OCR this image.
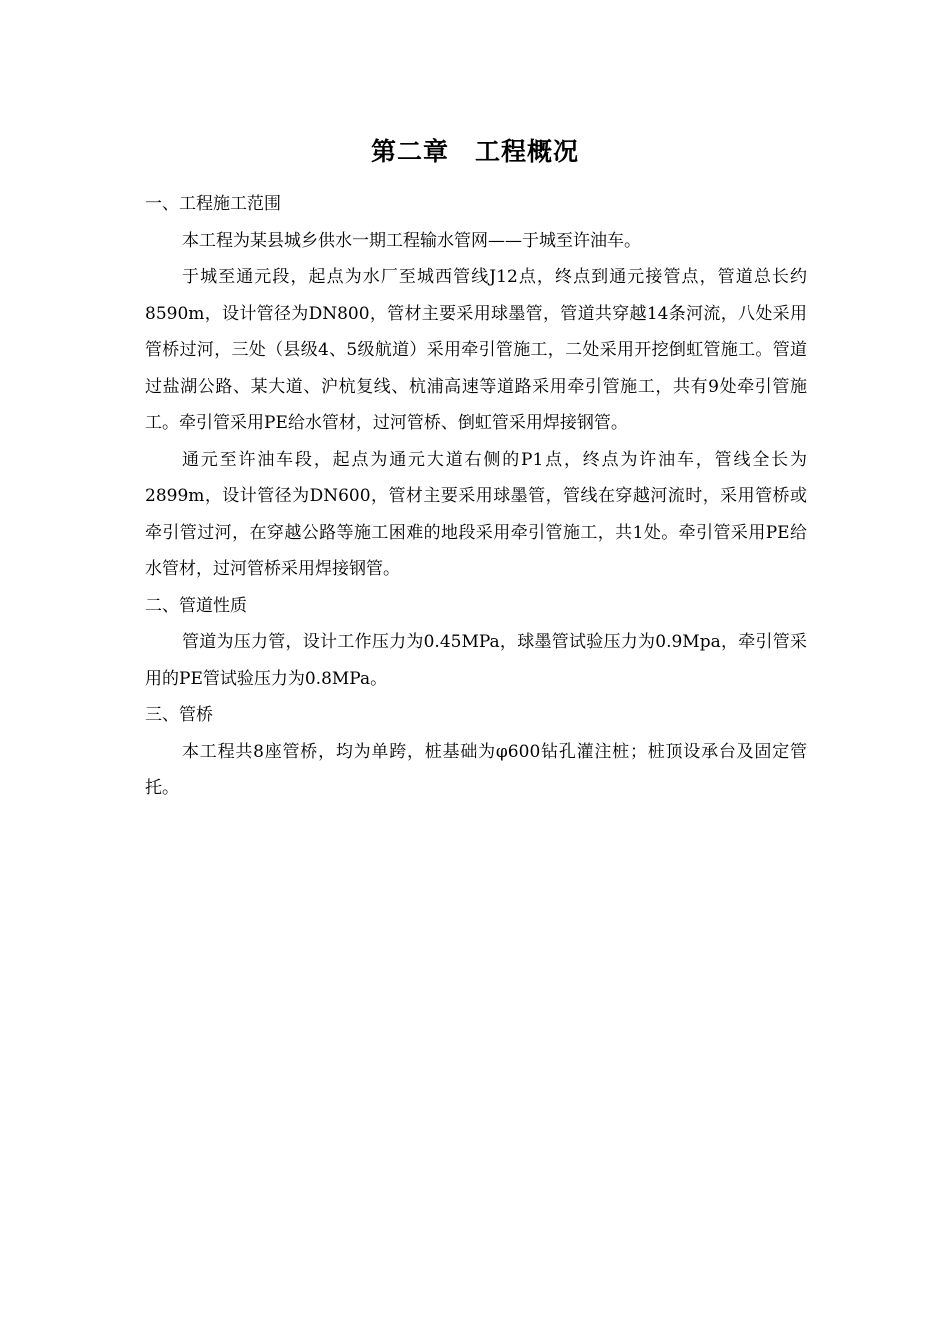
第二章　工程概况

一、工程施工范围

本工程为某县城乡供水一期工程输水管网——于城至许油车。

于城至通元段，起点为水厂至城西管线J12点，终点到通元接管点，管道总长约8590m，设计管径为DN800，管材主要采用球墨管，管道共穿越14条河流，八处采用管桥过河，三处（县级4、5级航道）采用牵引管施工，二处采用开挖倒虹管施工。管道过盐湖公路、某大道、沪杭复线、杭浦高速等道路采用牵引管施工，共有9处牵引管施工。牵引管采用PE给水管材，过河管桥、倒虹管采用焊接钢管。

通元至许油车段，起点为通元大道右侧的P1点，终点为许油车，管线全长为2899m，设计管径为DN600，管材主要采用球墨管，管线在穿越河流时，采用管桥或牵引管过河，在穿越公路等施工困难的地段采用牵引管施工，共1处。牵引管采用PE给水管材，过河管桥采用焊接钢管。

二、管道性质

管道为压力管，设计工作压力为0.45MPa，球墨管试验压力为0.9Mpa，牵引管采用的PE管试验压力为0.8MPa。

三、管桥

本工程共8座管桥，均为单跨，桩基础为φ600钻孔灌注桩；桩顶设承台及固定管托。
